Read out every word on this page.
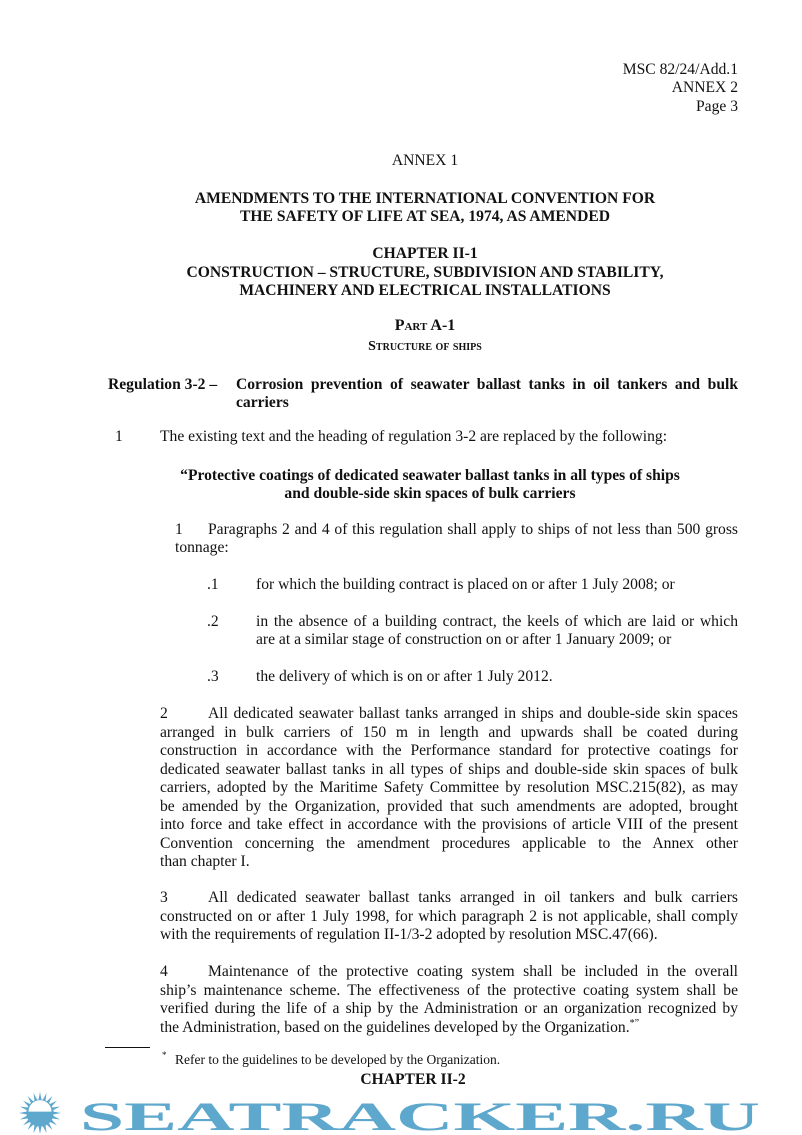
MSC 82/24/Add.1
ANNEX 2
Page 3
ANNEX 1
AMENDMENTS TO THE INTERNATIONAL CONVENTION FOR
THE SAFETY OF LIFE AT SEA, 1974, AS AMENDED
CHAPTER II-1
CONSTRUCTION – STRUCTURE, SUBDIVISION AND STABILITY,
MACHINERY AND ELECTRICAL INSTALLATIONS
Part A-1
Structure of ships
Regulation 3-2 – Corrosion prevention of seawater ballast tanks in oil tankers and bulk
carriers
1 The existing text and the heading of regulation 3-2 are replaced by the following:
“Protective coatings of dedicated seawater ballast tanks in all types of ships
and double-side skin spaces of bulk carriers
1 Paragraphs 2 and 4 of this regulation shall apply to ships of not less than 500 gross
tonnage:
.1 for which the building contract is placed on or after 1 July 2008; or
.2 in the absence of a building contract, the keels of which are laid or which
are at a similar stage of construction on or after 1 January 2009; or
.3 the delivery of which is on or after 1 July 2012.
2	All dedicated seawater ballast tanks arranged in ships and double-side skin spaces
arranged in bulk carriers of 150 m in length and upwards shall be coated during
construction in accordance with the Performance standard for protective coatings for
dedicated seawater ballast tanks in all types of ships and double-side skin spaces of bulk
carriers, adopted by the Maritime Safety Committee by resolution MSC.215(82), as may
be amended by the Organization, provided that such amendments are adopted, brought
into force and take effect in accordance with the provisions of article VIII of the present
Convention concerning the amendment procedures applicable to the Annex other
than chapter I.
3	All dedicated seawater ballast tanks arranged in oil tankers and bulk carriers
constructed on or after 1 July 1998, for which paragraph 2 is not applicable, shall comply
with the requirements of regulation II-1/3-2 adopted by resolution MSC.47(66).
4	Maintenance of the protective coating system shall be included in the overall
ship’s maintenance scheme. The effectiveness of the protective coating system shall be
verified during the life of a ship by the Administration or an organization recognized by
the Administration, based on the guidelines developed by the Organization.*”
* Refer to the guidelines to be developed by the Organization.
CHAPTER II-2
SEATRACKER.RU
